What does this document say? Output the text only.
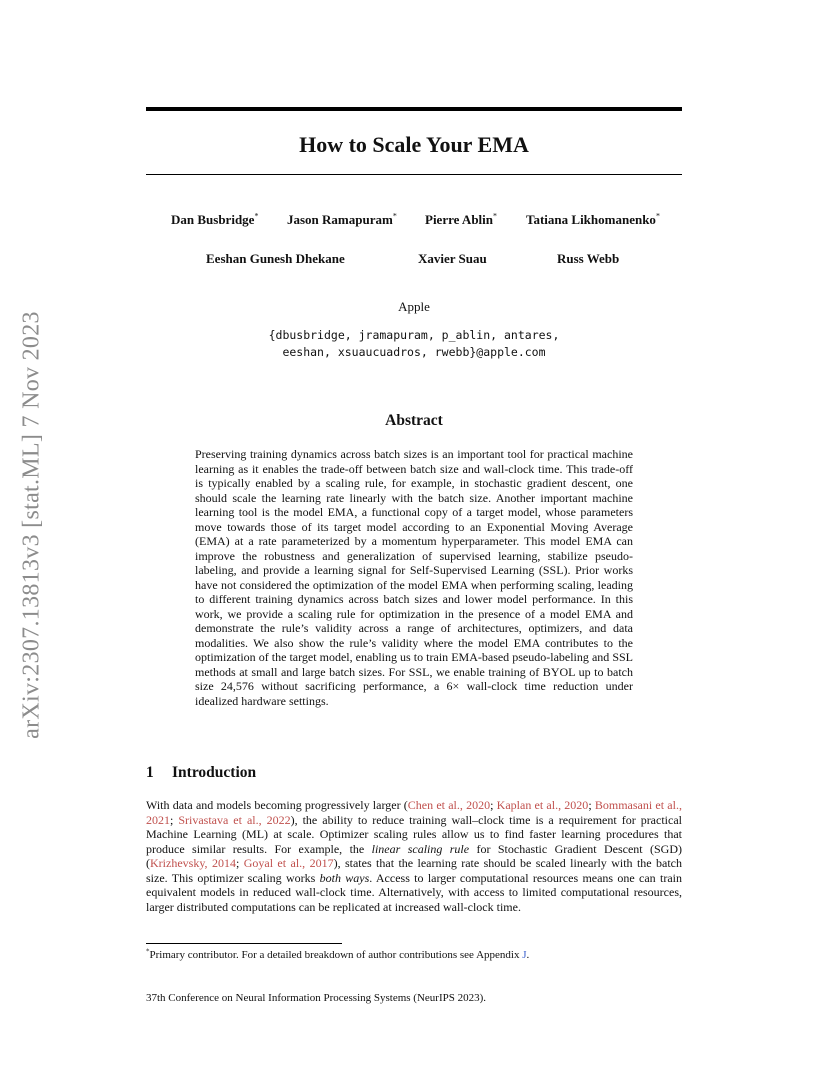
arXiv:2307.13813v3 [stat.ML] 7 Nov 2023
How to Scale Your EMA
Dan Busbridge* Jason Ramapuram* Pierre Ablin* Tatiana Likhomanenko*
Eeshan Gunesh Dhekane	Xavier Suau	Russ Webb
Apple
{dbusbridge, jramapuram, p_ablin, antares,
eeshan, xsuaucuadros, rwebb}@apple.com
Abstract
Preserving training dynamics across batch sizes is an important tool for practical machine learning as it enables the trade-off between batch size and wall-clock time. This trade-off is typically enabled by a scaling rule, for example, in stochastic gradient descent, one should scale the learning rate linearly with the batch size. Another important machine learning tool is the model EMA, a functional copy of a target model, whose parameters move towards those of its target model according to an Exponential Moving Average (EMA) at a rate parameterized by a momentum hyperparameter. This model EMA can improve the robustness and generalization of supervised learning, stabilize pseudo-labeling, and provide a learning signal for Self-Supervised Learning (SSL). Prior works have not considered the optimization of the model EMA when performing scaling, leading to different training dynamics across batch sizes and lower model performance. In this work, we provide a scaling rule for optimization in the presence of a model EMA and demonstrate the rule’s validity across a range of architectures, optimizers, and data modalities. We also show the rule’s validity where the model EMA contributes to the optimization of the target model, enabling us to train EMA-based pseudo-labeling and SSL methods at small and large batch sizes. For SSL, we enable training of BYOL up to batch size 24,576 without sacrificing performance, a 6× wall-clock time reduction under idealized hardware settings.
1 Introduction
With data and models becoming progressively larger (Chen et al., 2020; Kaplan et al., 2020; Bommasani et al., 2021; Srivastava et al., 2022), the ability to reduce training wall–clock time is a requirement for practical Machine Learning (ML) at scale. Optimizer scaling rules allow us to find faster learning procedures that produce similar results. For example, the linear scaling rule for Stochastic Gradient Descent (SGD) (Krizhevsky, 2014; Goyal et al., 2017), states that the learning rate should be scaled linearly with the batch size. This optimizer scaling works both ways. Access to larger computational resources means one can train equivalent models in reduced wall-clock time. Alternatively, with access to limited computational resources, larger distributed computations can be replicated at increased wall-clock time.
*Primary contributor. For a detailed breakdown of author contributions see Appendix J.
37th Conference on Neural Information Processing Systems (NeurIPS 2023).
